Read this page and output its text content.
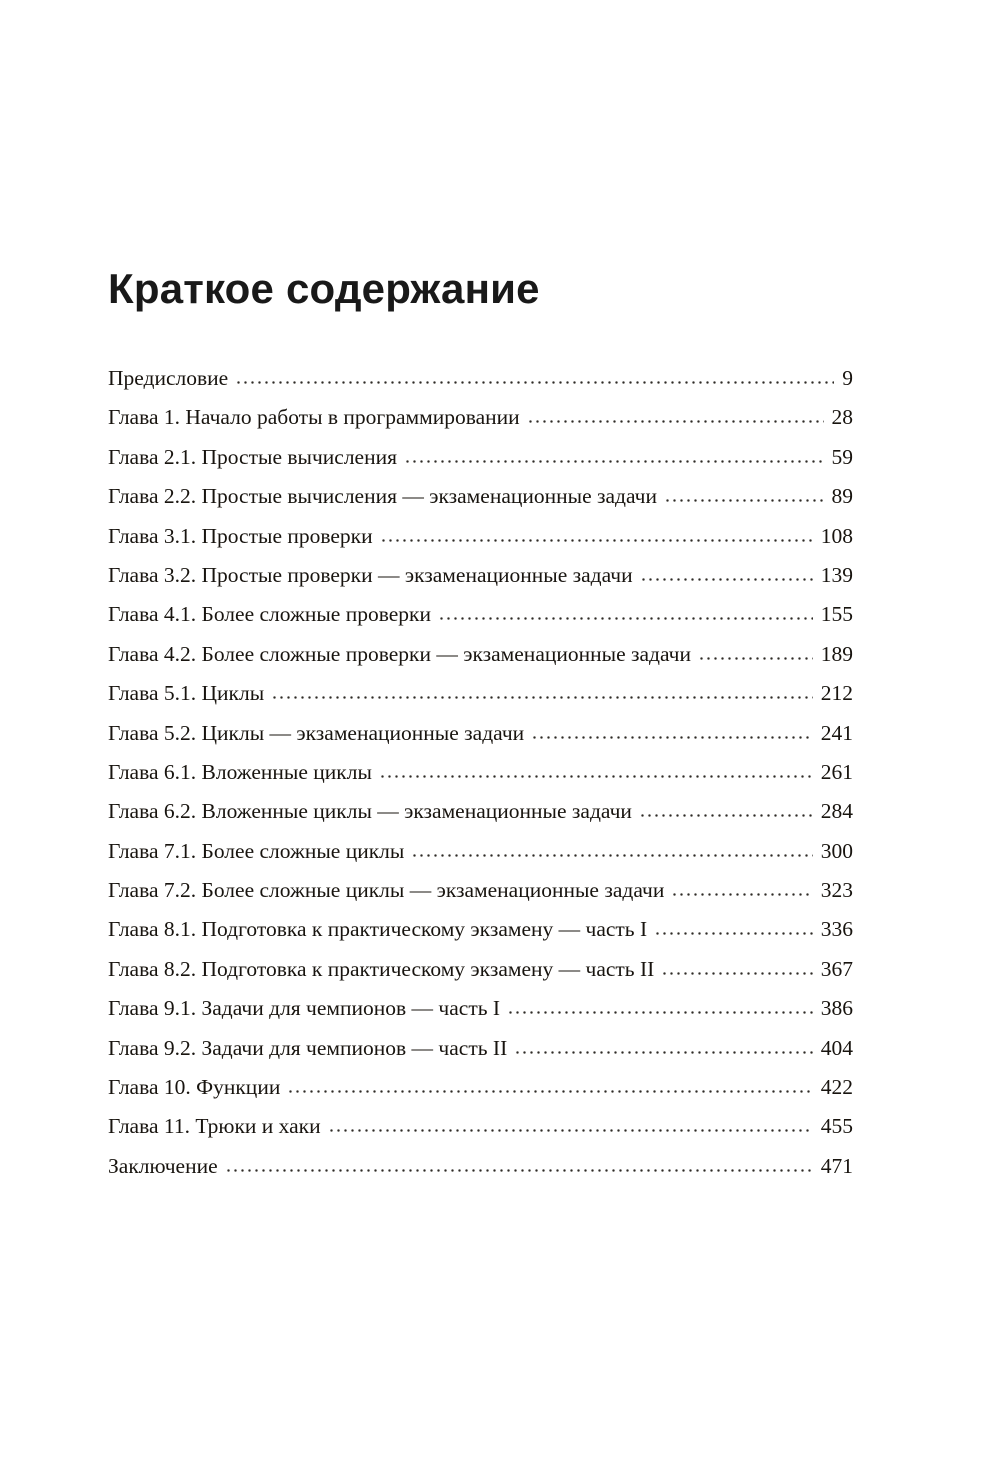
Краткое содержание
Предисловие	9
Глава 1. Начало работы в программировании	28
Глава 2.1. Простые вычисления	59
Глава 2.2. Простые вычисления — экзаменационные задачи	89
Глава 3.1. Простые проверки	108
Глава 3.2. Простые проверки — экзаменационные задачи	139
Глава 4.1. Более сложные проверки	155
Глава 4.2. Более сложные проверки — экзаменационные задачи	189
Глава 5.1. Циклы	212
Глава 5.2. Циклы — экзаменационные задачи	241
Глава 6.1. Вложенные циклы	261
Глава 6.2. Вложенные циклы — экзаменационные задачи	284
Глава 7.1. Более сложные циклы	300
Глава 7.2. Более сложные циклы — экзаменационные задачи	323
Глава 8.1. Подготовка к практическому экзамену — часть I	336
Глава 8.2. Подготовка к практическому экзамену — часть II	367
Глава 9.1. Задачи для чемпионов — часть I	386
Глава 9.2. Задачи для чемпионов — часть II	404
Глава 10. Функции	422
Глава 11. Трюки и хаки	455
Заключение	471
